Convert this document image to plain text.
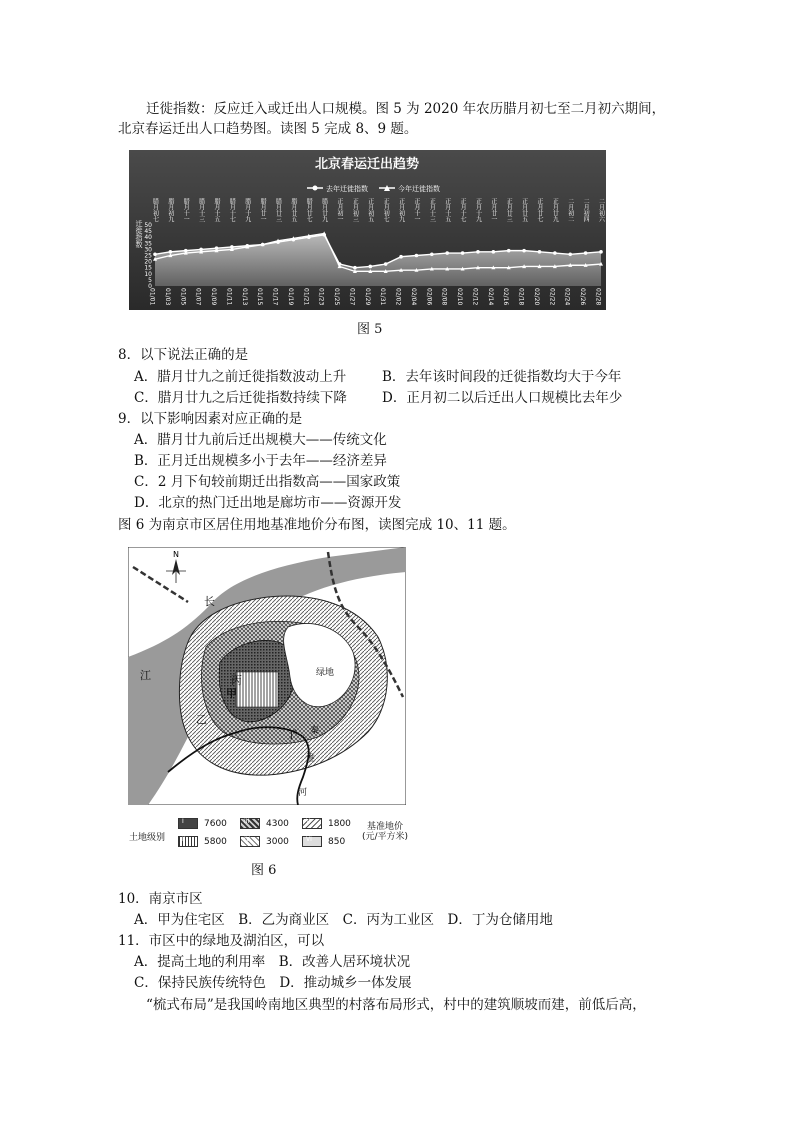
迁徙指数：反应迁入或迁出人口规模。图 5 为 2020 年农历腊月初七至二月初六期间，
北京春运迁出人口趋势图。读图 5 完成 8、9 题。
北京春运迁出趋势
去年迁徙指数	今年迁徙指数
迁徙指数
0
5
10
15
20
25
30
35
40
45
50
腊月初七 腊月初九 腊月十一 腊月十三 腊月十五 腊月十七 腊月十九 腊月廿一 腊月廿三 腊月廿五 腊月廿七 腊月廿九 正月初一 正月初三 正月初五 正月初七 正月初九 正月十一 正月十三 正月十五 正月十七 正月十九 正月廿一 正月廿三 正月廿五 正月廿七 正月廿九 二月初二 二月初四 二月初六
01/01 01/03 01/05 01/07 01/09 01/11 01/13 01/15 01/17 01/19 01/21 01/23 01/25 01/27 01/29 01/31 02/02 02/04 02/06 02/08 02/10 02/12 02/14 02/16 02/18 02/20 02/22 02/24 02/26 02/28
图 5
8．以下说法正确的是
A．腊月廿九之前迁徙指数波动上升	B．去年该时间段的迁徙指数均大于今年
C．腊月廿九之后迁徙指数持续下降	D．正月初二以后迁出人口规模比去年少
9．以下影响因素对应正确的是
A．腊月廿九前后迁出规模大——传统文化
B．正月迁出规模多小于去年——经济差异
C．2 月下旬较前期迁出指数高——国家政策
D．北京的热门迁出地是廊坊市——资源开发
图 6 为南京市区居住用地基准地价分布图，读图完成 10、11 题。
N
长
江	绿地
甲
丙
乙
丁 秦
淮
河
土地级别
I 7600	III 4300	V 1800
II 5800	IV 3000	VI 850
基准地价
(元/平方米)
图 6
10．南京市区
A．甲为住宅区　B．乙为商业区　C．丙为工业区　D．丁为仓储用地
11．市区中的绿地及湖泊区，可以
A．提高土地的利用率　B．改善人居环境状况
C．保持民族传统特色　D．推动城乡一体发展
“梳式布局”是我国岭南地区典型的村落布局形式，村中的建筑顺坡而建，前低后高，
